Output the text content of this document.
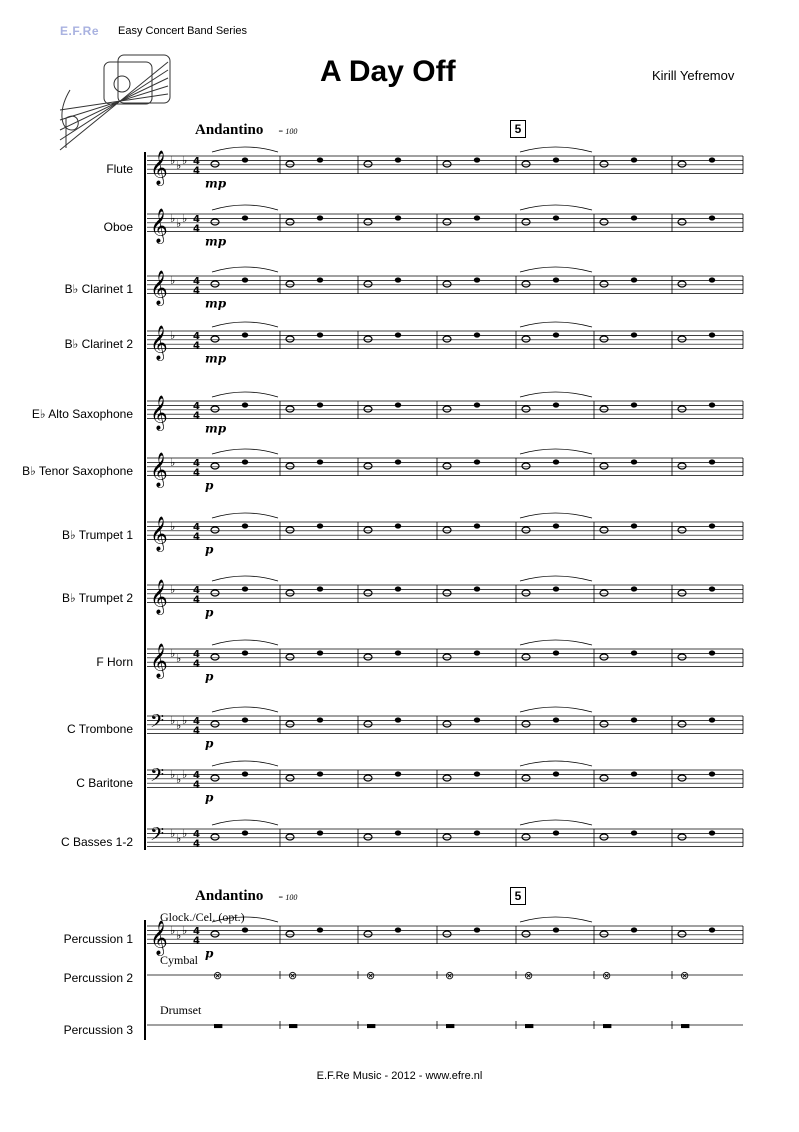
E.F.Re Easy Concert Band Series
A Day Off	Kirill Yefremov
𝄞 ♭ ♭ ♭ 4
4
mp
𝄞 ♭ ♭ ♭ 4
4
mp
𝄞 ♭ 4
4
mp
𝄞 ♭ 4
4
mp
𝄞	4
4
mp
𝄞 ♭ 4
4
p
𝄞 ♭ 4
4
p
𝄞 ♭ 4
4
p
𝄞 ♭ ♭ 4
4
p
𝄢 ♭ ♭ ♭ 4
4
p
𝄢 ♭ ♭ ♭ 4
4
p
𝄢 ♭ ♭ ♭ 4
4
𝄞 ♭ ♭ ♭ 4
4
p
⊗	⊗	⊗	⊗	⊗	⊗	⊗
▬	▬	▬	▬	▬	▬	▬
Flute
Oboe
B♭ Clarinet 1
B♭ Clarinet 2
E♭ Alto Saxophone
B♭ Tenor Saxophone
B♭ Trumpet 1
B♭ Trumpet 2
F Horn
C Trombone
C Baritone
C Basses 1-2
Percussion 1
Percussion 2
Percussion 3
Andantino = 100
Andantino = 100
5
5
Glock./Cel. (opt.)
Cymbal
Drumset
E.F.Re Music - 2012 - www.efre.nl
